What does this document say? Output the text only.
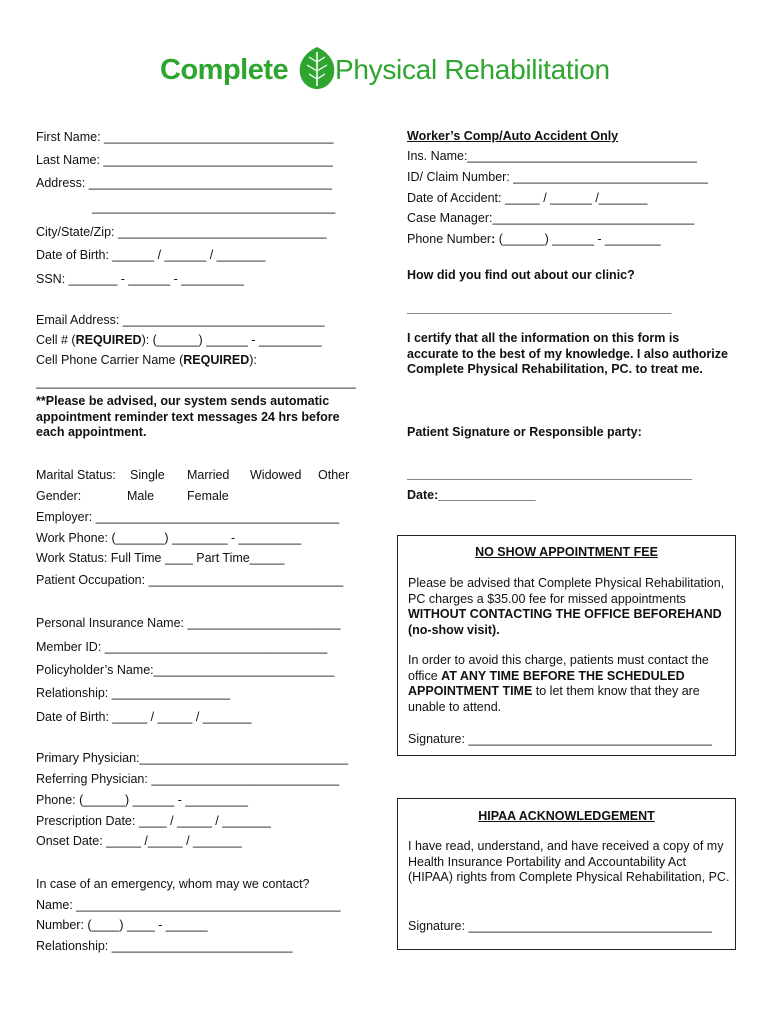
Complete Physical Rehabilitation
First Name: _________________________________
Last Name: _________________________________
Address: ___________________________________
___________________________________
City/State/Zip: ______________________________
Date of Birth: ______ / ______ / _______
SSN: _______ - ______ - _________
Email Address: _____________________________
Cell # (REQUIRED): (______) ______ - _________
Cell Phone Carrier Name (REQUIRED):
______________________________________________
**Please be advised, our system sends automatic appointment reminder text messages 24 hrs before each appointment.
Marital Status: Single Married Widowed Other
Gender:	Male	Female
Employer: ___________________________________
Work Phone: (_______) ________ - _________
Work Status: Full Time ____ Part Time_____
Patient Occupation: ____________________________
Personal Insurance Name: ______________________
Member ID: ________________________________
Policyholder’s Name:__________________________
Relationship: _________________
Date of Birth: _____ / _____ / _______
Primary Physician:______________________________
Referring Physician: ___________________________
Phone: (______) ______ - _________
Prescription Date: ____ / _____ / _______
Onset Date: _____ /_____ / _______
In case of an emergency, whom may we contact?
Name: ______________________________________
Number: (____) ____ - ______
Relationship: __________________________
Worker’s Comp/Auto Accident Only
Ins. Name:_________________________________
ID/ Claim Number: ____________________________
Date of Accident: _____ / ______ /_______
Case Manager:_____________________________
Phone Number: (______) ______ - ________
How did you find out about our clinic?
______________________________________
I certify that all the information on this form is accurate to the best of my knowledge. I also authorize Complete Physical Rehabilitation, PC. to treat me.
Patient Signature or Responsible party:
_________________________________________
Date:______________
NO SHOW APPOINTMENT FEE
Please be advised that Complete Physical Rehabilitation, PC charges a $35.00 fee for missed appointments WITHOUT CONTACTING THE OFFICE BEFOREHAND (no-show visit).
In order to avoid this charge, patients must contact the office AT ANY TIME BEFORE THE SCHEDULED APPOINTMENT TIME to let them know that they are unable to attend.
Signature: ___________________________________
HIPAA ACKNOWLEDGEMENT
I have read, understand, and have received a copy of my Health Insurance Portability and Accountability Act (HIPAA) rights from Complete Physical Rehabilitation, PC.
Signature: ___________________________________
